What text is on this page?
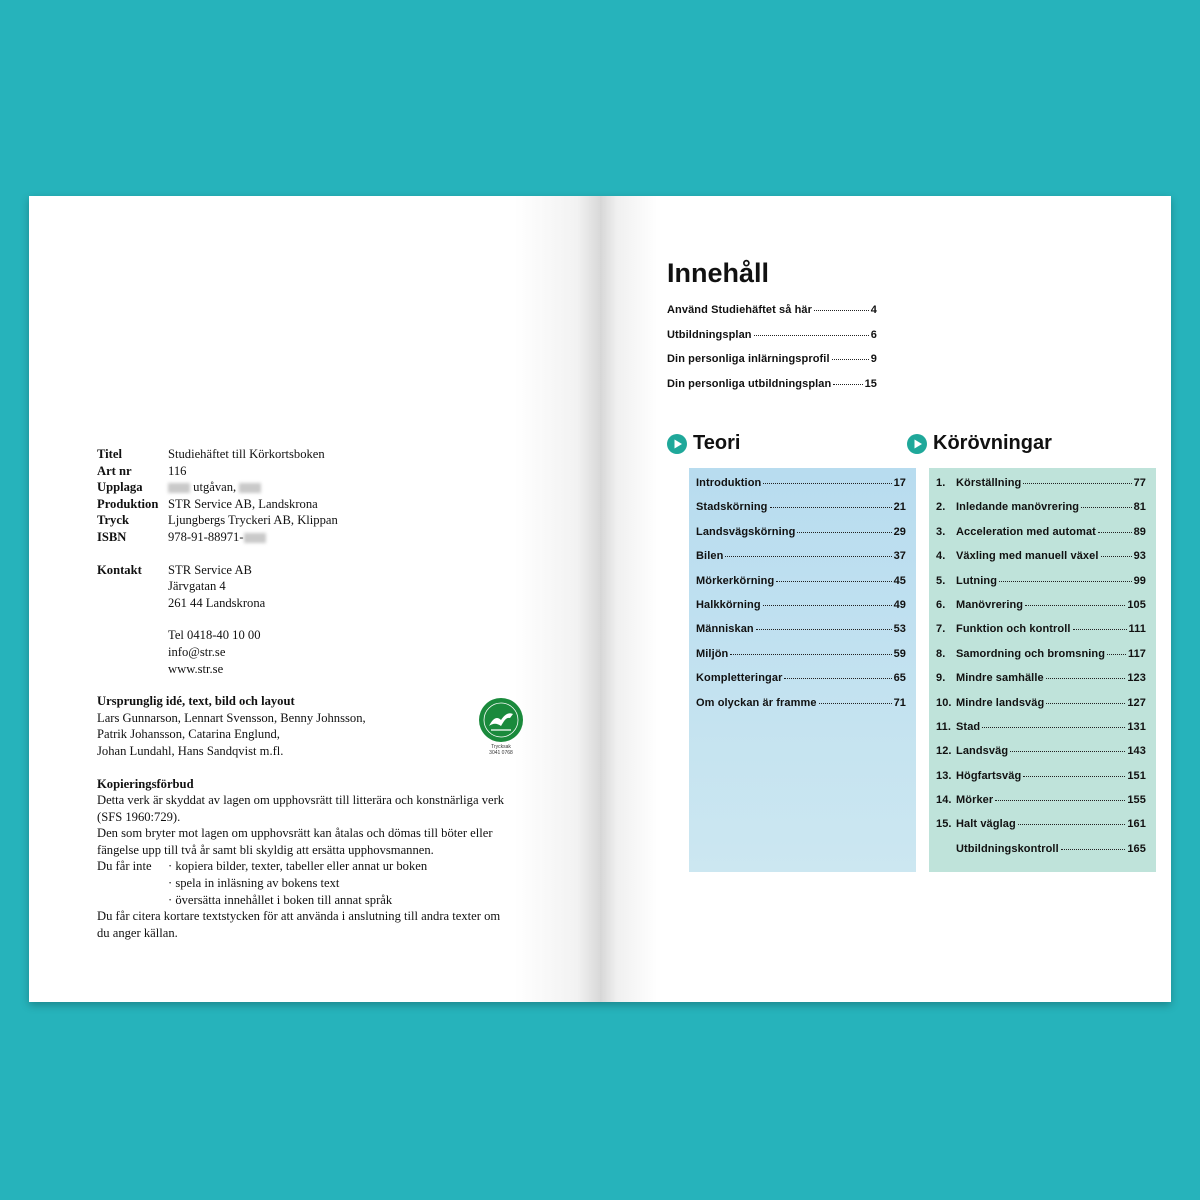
Titel	Studiehäftet till Körkortsboken
Art nr	116
Upplaga	utgåvan,
Produktion STR Service AB, Landskrona
Tryck	Ljungbergs Tryckeri AB, Klippan
ISBN	978-91-88971-
Kontakt	STR Service AB
Järvgatan 4
261 44 Landskrona
Tel 0418-40 10 00
info@str.se
www.str.se
Ursprunglig idé, text, bild och layout
Lars Gunnarson, Lennart Svensson, Benny Johnsson,
Patrik Johansson, Catarina Englund,
Johan Lundahl, Hans Sandqvist m.fl.
Kopieringsförbud
Detta verk är skyddat av lagen om upphovsrätt till litterära och konstnärliga verk
(SFS 1960:729).
Den som bryter mot lagen om upphovsrätt kan åtalas och dömas till böter eller
fängelse upp till två år samt bli skyldig att ersätta upphovsmannen.
Du får inte	· kopiera bilder, texter, tabeller eller annat ur boken
· spela in inläsning av bokens text
· översätta innehållet i boken till annat språk
Du får citera kortare textstycken för att använda i anslutning till andra texter om
du anger källan.
Trycksak
3041 0768
Innehåll
Använd Studiehäftet så här	4
Utbildningsplan	6
Din personliga inlärningsprofil	9
Din personliga utbildningsplan	15
Teori	Körövningar
Introduktion	17
Stadskörning	21
Landsvägskörning	29
Bilen	37
Mörkerkörning	45
Halkkörning	49
Människan	53
Miljön	59
Kompletteringar	65
Om olyckan är framme	71
1. Körställning	77
2. Inledande manövrering	81
3. Acceleration med automat	89
4. Växling med manuell växel	93
5. Lutning	99
6. Manövrering	105
7. Funktion och kontroll	111
8. Samordning och bromsning 117
9. Mindre samhälle	123
10. Mindre landsväg	127
11. Stad	131
12. Landsväg	143
13. Högfartsväg	151
14. Mörker	155
15. Halt väglag	161
Utbildningskontroll	165
